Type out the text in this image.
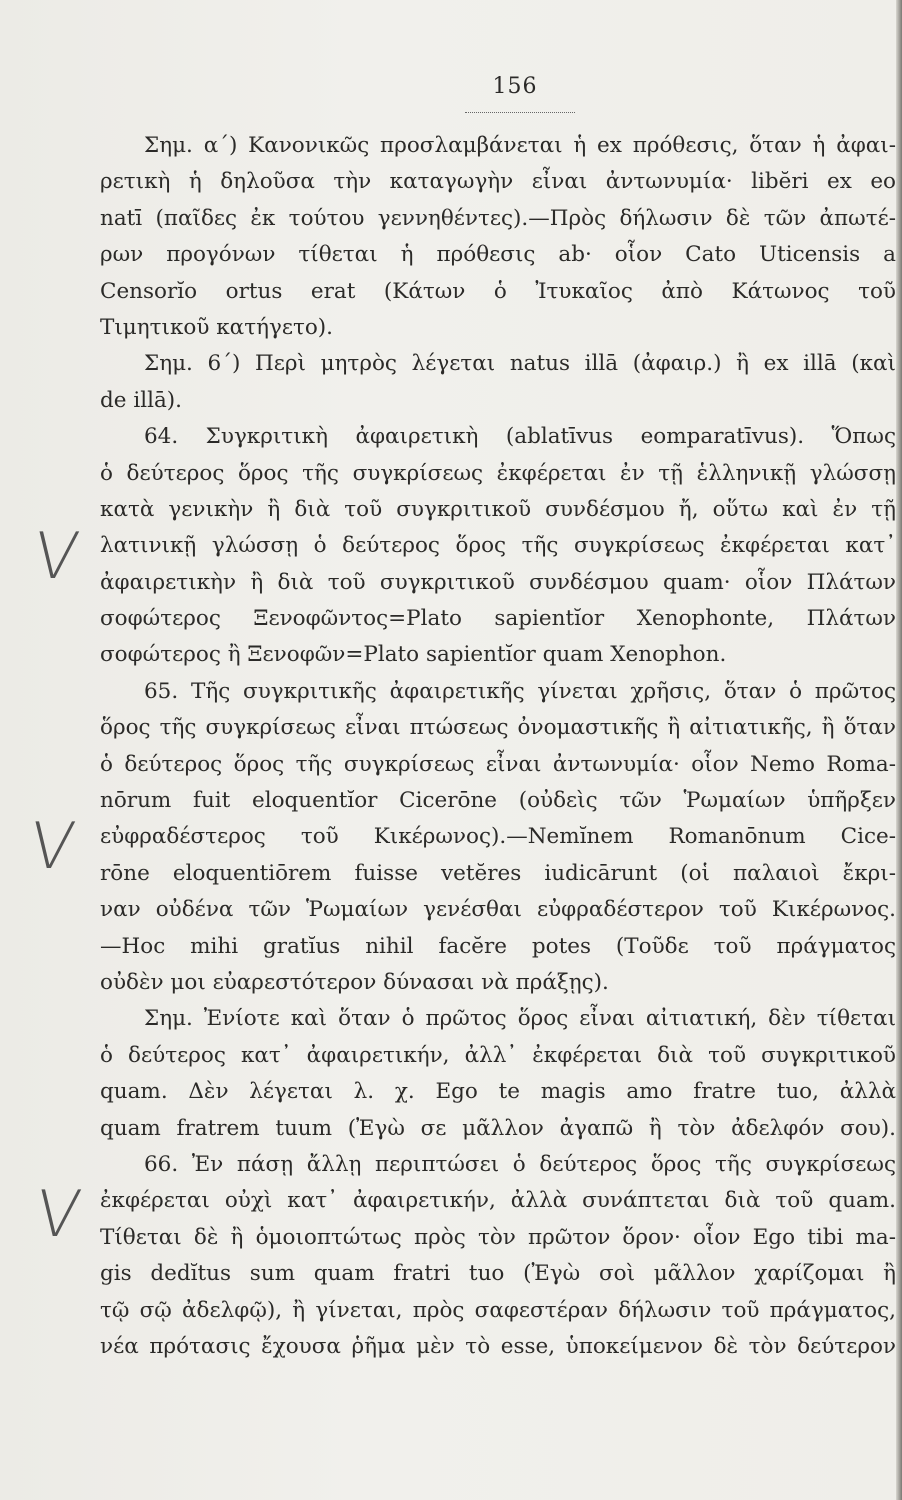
156
V
V
V
Σημ. α΄) Κανονικῶς προσλαμβάνεται ἡ ex πρόθεσις, ὅταν ἡ ἀφαι-
ρετικὴ ἡ δηλοῦσα τὴν καταγωγὴν εἶναι ἀντωνυμία· libĕri ex eo
natī (παῖδες ἐκ τούτου γεννηθέντες).—Πρὸς δήλωσιν δὲ τῶν ἀπωτέ-
ρων προγόνων τίθεται ἡ πρόθεσις ab· οἷον Cato Uticensis a
Censorĭo ortus erat (Κάτων ὁ Ἰτυκαῖος ἀπὸ Κάτωνος τοῦ
Τιμητικοῦ κατήγετο).
Σημ. 6΄) Περὶ μητρὸς λέγεται natus illā (ἀφαιρ.) ἢ ex illā (καὶ
de illā).
64. Συγκριτικὴ ἀφαιρετικὴ (ablatīvus eomparatīvus). Ὅπως
ὁ δεύτερος ὅρος τῆς συγκρίσεως ἐκφέρεται ἐν τῇ ἑλληνικῇ γλώσσῃ
κατὰ γενικὴν ἢ διὰ τοῦ συγκριτικοῦ συνδέσμου ἤ, οὕτω καὶ ἐν τῇ
λατινικῇ γλώσσῃ ὁ δεύτερος ὅρος τῆς συγκρίσεως ἐκφέρεται κατ᾽
ἀφαιρετικὴν ἢ διὰ τοῦ συγκριτικοῦ συνδέσμου quam· οἷον Πλάτων
σοφώτερος Ξενοφῶντος=Plato sapientĭor Xenophonte, Πλάτων
σοφώτερος ἢ Ξενοφῶν=Plato sapientĭor quam Xenophon.
65. Τῆς συγκριτικῆς ἀφαιρετικῆς γίνεται χρῆσις, ὅταν ὁ πρῶτος
ὅρος τῆς συγκρίσεως εἶναι πτώσεως ὀνομαστικῆς ἢ αἰτιατικῆς, ἢ ὅταν
ὁ δεύτερος ὅρος τῆς συγκρίσεως εἶναι ἀντωνυμία· οἷον Nemo Roma-
nōrum fuit eloquentĭor Cicerōne (οὐδεὶς τῶν Ῥωμαίων ὑπῆρξεν
εὐφραδέστερος τοῦ Κικέρωνος).—Nemĭnem Romanōnum Cice-
rōne eloquentiōrem fuisse vetĕres iudicārunt (οἱ παλαιοὶ ἔκρι-
ναν οὐδένα τῶν Ῥωμαίων γενέσθαι εὐφραδέστερον τοῦ Κικέρωνος.
—Hoc mihi gratĭus nihil facĕre potes (Τοῦδε τοῦ πράγματος
οὐδὲν μοι εὐαρεστότερον δύνασαι νὰ πράξῃς).
Σημ. Ἐνίοτε καὶ ὅταν ὁ πρῶτος ὅρος εἶναι αἰτιατική, δὲν τίθεται
ὁ δεύτερος κατ᾽ ἀφαιρετικήν, ἀλλ᾽ ἐκφέρεται διὰ τοῦ συγκριτικοῦ
quam. Δὲν λέγεται λ. χ. Ego te magis amo fratre tuo, ἀλλὰ
quam fratrem tuum (Ἐγὼ σε μᾶλλον ἀγαπῶ ἢ τὸν ἀδελφόν σου).
66. Ἐν πάσῃ ἄλλῃ περιπτώσει ὁ δεύτερος ὅρος τῆς συγκρίσεως
ἐκφέρεται οὐχὶ κατ᾽ ἀφαιρετικήν, ἀλλὰ συνάπτεται διὰ τοῦ quam.
Τίθεται δὲ ἢ ὁμοιοπτώτως πρὸς τὸν πρῶτον ὅρον· οἷον Ego tibi ma-
gis dedĭtus sum quam fratri tuo (Ἐγὼ σοὶ μᾶλλον χαρίζομαι ἢ
τῷ σῷ ἀδελφῷ), ἢ γίνεται, πρὸς σαφεστέραν δήλωσιν τοῦ πράγματος,
νέα πρότασις ἔχουσα ῥῆμα μὲν τὸ esse, ὑποκείμενον δὲ τὸν δεύτερον
